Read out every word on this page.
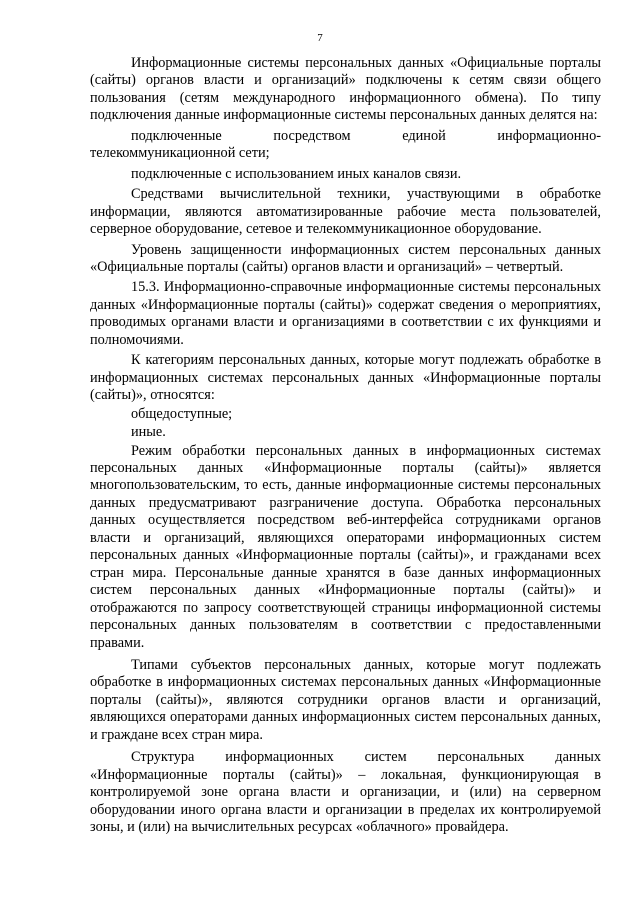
7

Информационные системы персональных данных «Официальные порталы (сайты) органов власти и организаций» подключены к сетям связи общего пользования (сетям международного информационного обмена). По типу подключения данные информационные системы персональных данных делятся на:

подключенные посредством единой информационно-телекоммуникационной сети;

подключенные с использованием иных каналов связи.

Средствами вычислительной техники, участвующими в обработке информации, являются автоматизированные рабочие места пользователей, серверное оборудование, сетевое и телекоммуникационное оборудование.

Уровень защищенности информационных систем персональных данных «Официальные порталы (сайты) органов власти и организаций» – четвертый.

15.3. Информационно-справочные информационные системы персональных данных «Информационные порталы (сайты)» содержат сведения о мероприятиях, проводимых органами власти и организациями в соответствии с их функциями и полномочиями.

К категориям персональных данных, которые могут подлежать обработке в информационных системах персональных данных «Информационные порталы (сайты)», относятся:

общедоступные;

иные.

Режим обработки персональных данных в информационных системах персональных данных «Информационные порталы (сайты)» является многопользовательским, то есть, данные информационные системы персональных данных предусматривают разграничение доступа. Обработка персональных данных осуществляется посредством веб-интерфейса сотрудниками органов власти и организаций, являющихся операторами информационных систем персональных данных «Информационные порталы (сайты)», и гражданами всех стран мира. Персональные данные хранятся в базе данных информационных систем персональных данных «Информационные порталы (сайты)» и отображаются по запросу соответствующей страницы информационной системы персональных данных пользователям в соответствии с предоставленными правами.

Типами субъектов персональных данных, которые могут подлежать обработке в информационных системах персональных данных «Информационные порталы (сайты)», являются сотрудники органов власти и организаций, являющихся операторами данных информационных систем персональных данных, и граждане всех стран мира.

Структура информационных систем персональных данных «Информационные порталы (сайты)» – локальная, функционирующая в контролируемой зоне органа власти и организации, и (или) на серверном оборудовании иного органа власти и организации в пределах их контролируемой зоны, и (или) на вычислительных ресурсах «облачного» провайдера.
